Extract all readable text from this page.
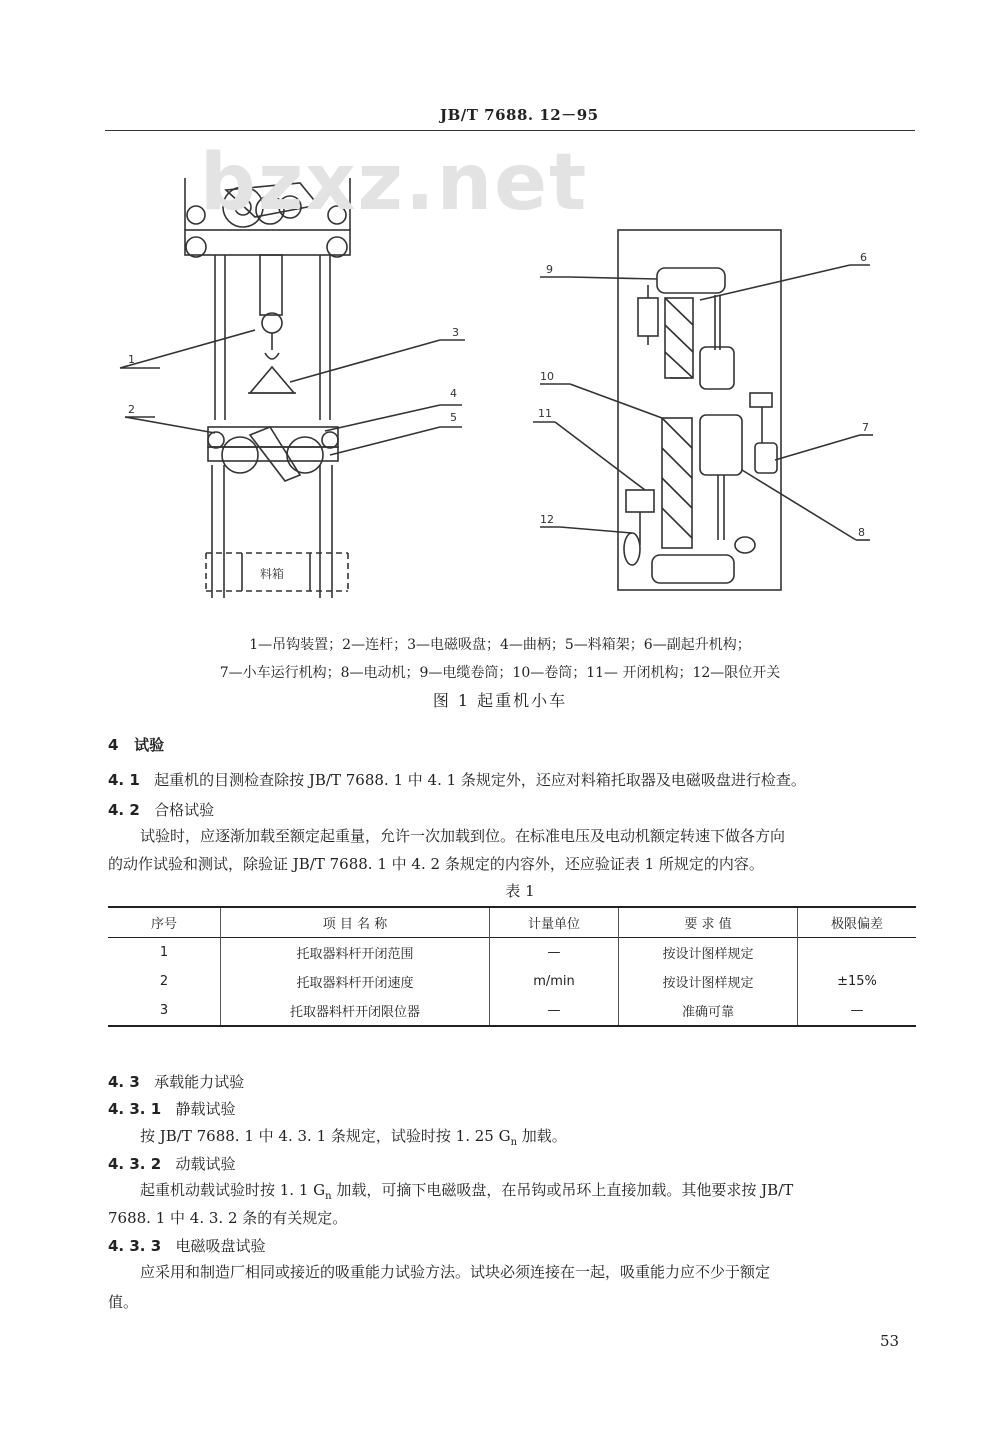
JB/T 7688. 12－95
1
2
3
4
5
6
7
8
9
10
11
12
料箱
bzxz.net
1—吊钩装置；2—连杆；3—电磁吸盘；4—曲柄；5—料箱架；6—副起升机构；
7—小车运行机构；8—电动机；9—电缆卷筒；10—卷筒；11— 开闭机构；12—限位开关
图 1 起重机小车
4 试验
4. 1 起重机的目测检查除按 JB/T 7688. 1 中 4. 1 条规定外，还应对料箱托取器及电磁吸盘进行检查。
4. 2 合格试验
试验时，应逐渐加载至额定起重量，允许一次加载到位。在标准电压及电动机额定转速下做各方向
的动作试验和测试，除验证 JB/T 7688. 1 中 4. 2 条规定的内容外，还应验证表 1 所规定的内容。
表 1
序号	项 目 名 称	计量单位	要 求 值	极限偏差
1	托取器料杆开闭范围	—	按设计图样规定	
2	托取器料杆开闭速度	m/min	按设计图样规定	±15%
3	托取器料杆开闭限位器	—	准确可靠	—
4. 3 承载能力试验
4. 3. 1 静载试验
按 JB/T 7688. 1 中 4. 3. 1 条规定，试验时按 1. 25 $G_n$ 加载。
4. 3. 2 动载试验
起重机动载试验时按 1. 1 $G_n$ 加载，可摘下电磁吸盘，在吊钩或吊环上直接加载。其他要求按 JB/T
7688. 1 中 4. 3. 2 条的有关规定。
4. 3. 3 电磁吸盘试验
应采用和制造厂相同或接近的吸重能力试验方法。试块必须连接在一起，吸重能力应不少于额定
值。
53
